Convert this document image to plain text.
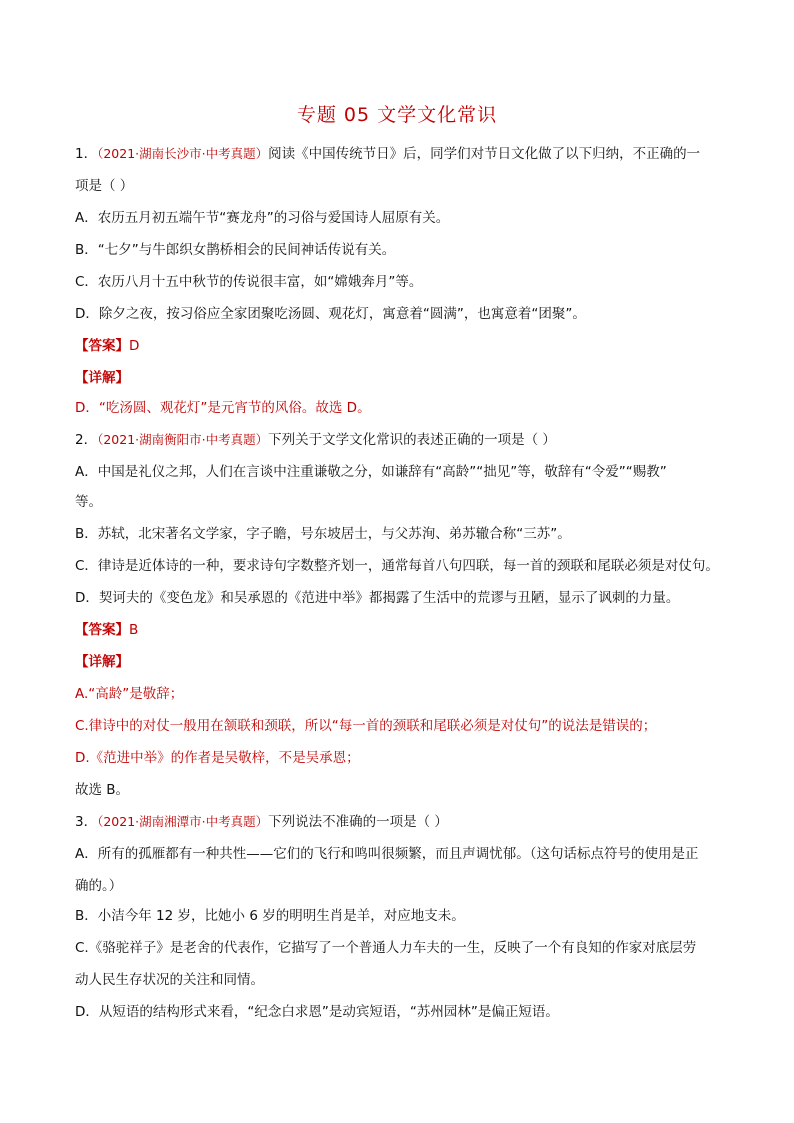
专题 05 文学文化常识
1．（2021·湖南长沙市·中考真题）阅读《中国传统节日》后，同学们对节日文化做了以下归纳，不正确的一
项是（ ）
A．农历五月初五端午节“赛龙舟”的习俗与爱国诗人屈原有关。
B．“七夕”与牛郎织女鹊桥相会的民间神话传说有关。
C．农历八月十五中秋节的传说很丰富，如“嫦娥奔月”等。
D．除夕之夜，按习俗应全家团聚吃汤圆、观花灯，寓意着“圆满”，也寓意着“团聚”。
【答案】D
【详解】
D．“吃汤圆、观花灯”是元宵节的风俗。故选 D。
2．（2021·湖南衡阳市·中考真题）下列关于文学文化常识的表述正确的一项是（ ）
A．中国是礼仪之邦，人们在言谈中注重谦敬之分，如谦辞有“高龄”“拙见”等，敬辞有“令爱”“赐教”
等。
B．苏轼，北宋著名文学家，字子瞻，号东坡居士，与父苏洵、弟苏辙合称“三苏”。
C．律诗是近体诗的一种，要求诗句字数整齐划一，通常每首八句四联，每一首的颈联和尾联必须是对仗句。
D．契诃夫的《变色龙》和吴承恩的《范进中举》都揭露了生活中的荒谬与丑陋，显示了讽刺的力量。
【答案】B
【详解】
A.“高龄”是敬辞；
C.律诗中的对仗一般用在颔联和颈联，所以“每一首的颈联和尾联必须是对仗句”的说法是错误的；
D.《范进中举》的作者是吴敬梓，不是吴承恩；
故选 B。
3．（2021·湖南湘潭市·中考真题）下列说法不准确的一项是（ ）
A．所有的孤雁都有一种共性——它们的飞行和鸣叫很频繁，而且声调忧郁。（这句话标点符号的使用是正
确的。）
B．小洁今年 12 岁，比她小 6 岁的明明生肖是羊，对应地支未。
C.《骆驼祥子》是老舍的代表作，它描写了一个普通人力车夫的一生，反映了一个有良知的作家对底层劳
动人民生存状况的关注和同情。
D．从短语的结构形式来看，“纪念白求恩”是动宾短语，“苏州园林”是偏正短语。
